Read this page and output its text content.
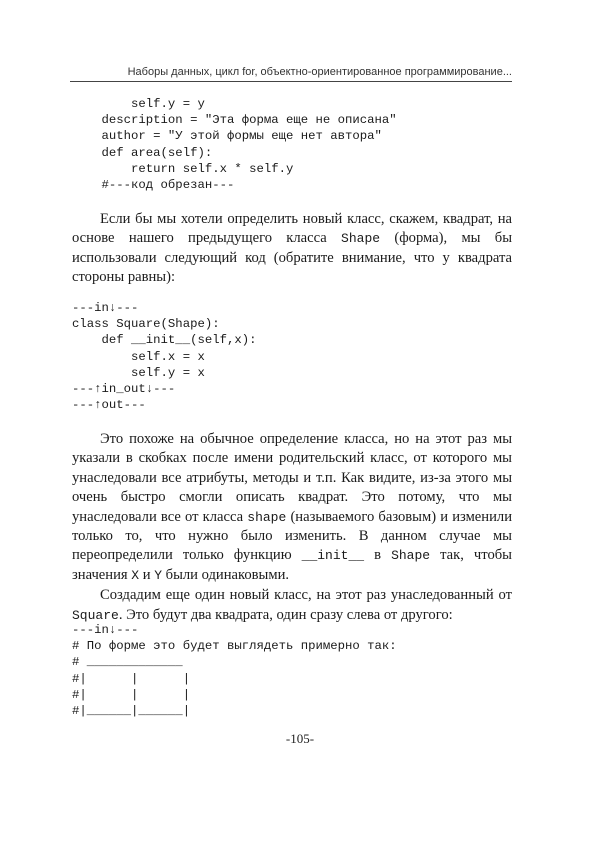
Наборы данных, цикл for, объектно-ориентированное программирование...
self.y = y
description = "Эта форма еще не описана"
author = "У этой формы еще нет автора"
def area(self):
return self.x * self.y
#---код обрезан---

Если бы мы хотели определить новый класс, скажем, квадрат, на основе нашего предыдущего класса Shape (форма), мы бы использовали следующий код (обратите внимание, что у квадрата стороны равны):

---in↓---
class Square(Shape):
def __init__(self,x):
self.x = x
self.y = x
---↑in_out↓---
---↑out---

Это похоже на обычное определение класса, но на этот раз мы указали в скобках после имени родительский класс, от которого мы унаследовали все атрибуты, методы и т.п. Как видите, из-за этого мы очень быстро смогли описать квадрат. Это потому, что мы унаследовали все от класса shape (называемого базовым) и изменили только то, что нужно было изменить. В данном случае мы переопределили только функцию __init__ в Shape так, чтобы значения X и Y были одинаковыми.

Создадим еще один новый класс, на этот раз унаследованный от Square. Это будут два квадрата, один сразу слева от другого:

---in↓---
# По форме это будет выглядеть примерно так:
# _____________
#|      |      |
#|      |      |
#|______|______|
-105-
